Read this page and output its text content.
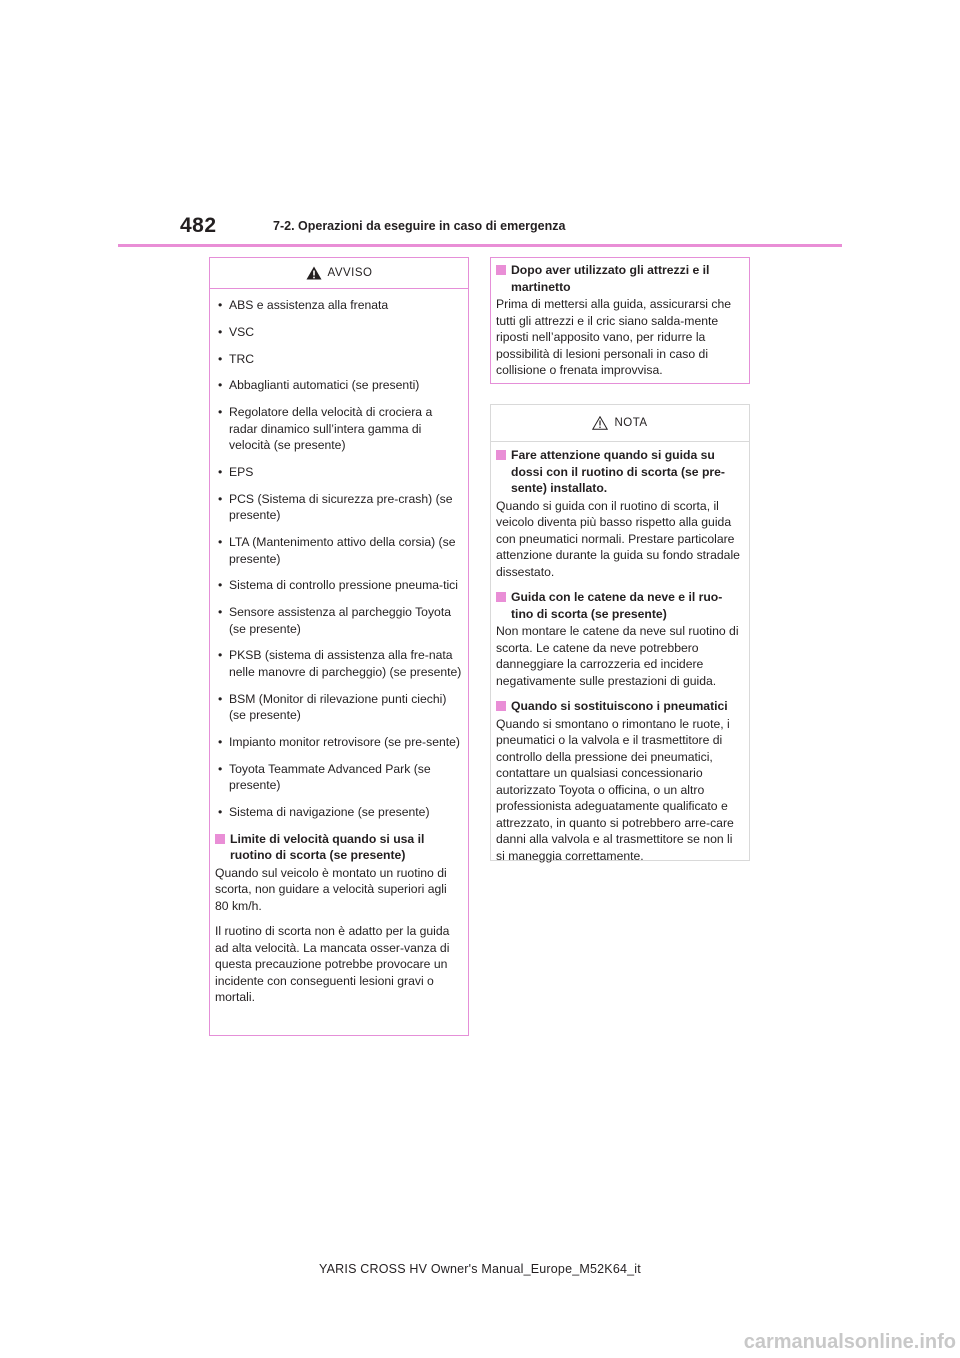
482	7-2. Operazioni da eseguire in caso di emergenza
AVVISO
• ABS e assistenza alla frenata
• VSC
• TRC
• Abbaglianti automatici (se presenti)
• Regolatore della velocità di crociera a radar dinamico sull’intera gamma di velocità (se presente)
• EPS
• PCS (Sistema di sicurezza pre-crash) (se presente)
• LTA (Mantenimento attivo della corsia) (se presente)
• Sistema di controllo pressione pneuma-tici
• Sensore assistenza al parcheggio Toyota (se presente)
• PKSB (sistema di assistenza alla fre-nata nelle manovre di parcheggio) (se presente)
• BSM (Monitor di rilevazione punti ciechi) (se presente)
• Impianto monitor retrovisore (se pre-sente)
• Toyota Teammate Advanced Park (se presente)
• Sistema di navigazione (se presente)
Limite di velocità quando si usa il ruotino di scorta (se presente)

Quando sul veicolo è montato un ruotino di scorta, non guidare a velocità superiori agli 80 km/h.

Il ruotino di scorta non è adatto per la guida ad alta velocità. La mancata osser-vanza di questa precauzione potrebbe provocare un incidente con conseguenti lesioni gravi o mortali.

Dopo aver utilizzato gli attrezzi e il martinetto

Prima di mettersi alla guida, assicurarsi che tutti gli attrezzi e il cric siano salda-mente riposti nell’apposito vano, per ridurre la possibilità di lesioni personali in caso di collisione o frenata improvvisa.

NOTA
Fare attenzione quando si guida su dossi con il ruotino di scorta (se pre-sente) installato.

Quando si guida con il ruotino di scorta, il veicolo diventa più basso rispetto alla guida con pneumatici normali. Prestare particolare attenzione durante la guida su fondo stradale dissestato.

Guida con le catene da neve e il ruo-tino di scorta (se presente)

Non montare le catene da neve sul ruotino di scorta. Le catene da neve potrebbero danneggiare la carrozzeria ed incidere negativamente sulle prestazioni di guida.

Quando si sostituiscono i pneumatici

Quando si smontano o rimontano le ruote, i pneumatici o la valvola e il trasmettitore di controllo della pressione dei pneumatici, contattare un qualsiasi concessionario autorizzato Toyota o officina, o un altro professionista adeguatamente qualificato e attrezzato, in quanto si potrebbero arre-care danni alla valvola e al trasmettitore se non li si maneggia correttamente.

YARIS CROSS HV Owner's Manual_Europe_M52K64_it
carmanualsonline.info
